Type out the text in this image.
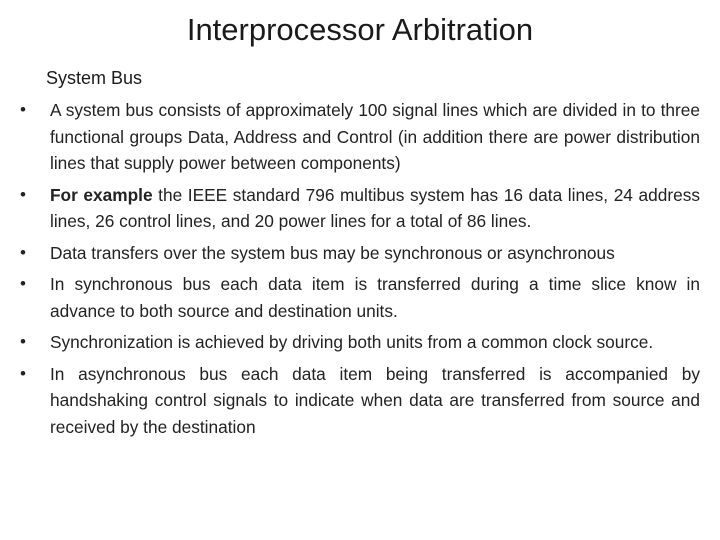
Interprocessor Arbitration
System Bus
•	A system bus consists of approximately 100 signal lines which are divided in to three functional groups Data, Address and Control (in addition there are power distribution lines that supply power between components)
•	For example the IEEE standard 796 multibus system has 16 data lines, 24 address lines, 26 control lines, and 20 power lines for a total of 86 lines.
•	Data transfers over the system bus may be synchronous or asynchronous
•	In synchronous bus each data item is transferred during a time slice know in advance to both source and destination units.
•	Synchronization is achieved by driving both units from a common clock source.
•	In asynchronous bus each data item being transferred is accompanied by handshaking control signals to indicate when data are transferred from source and received by the destination
